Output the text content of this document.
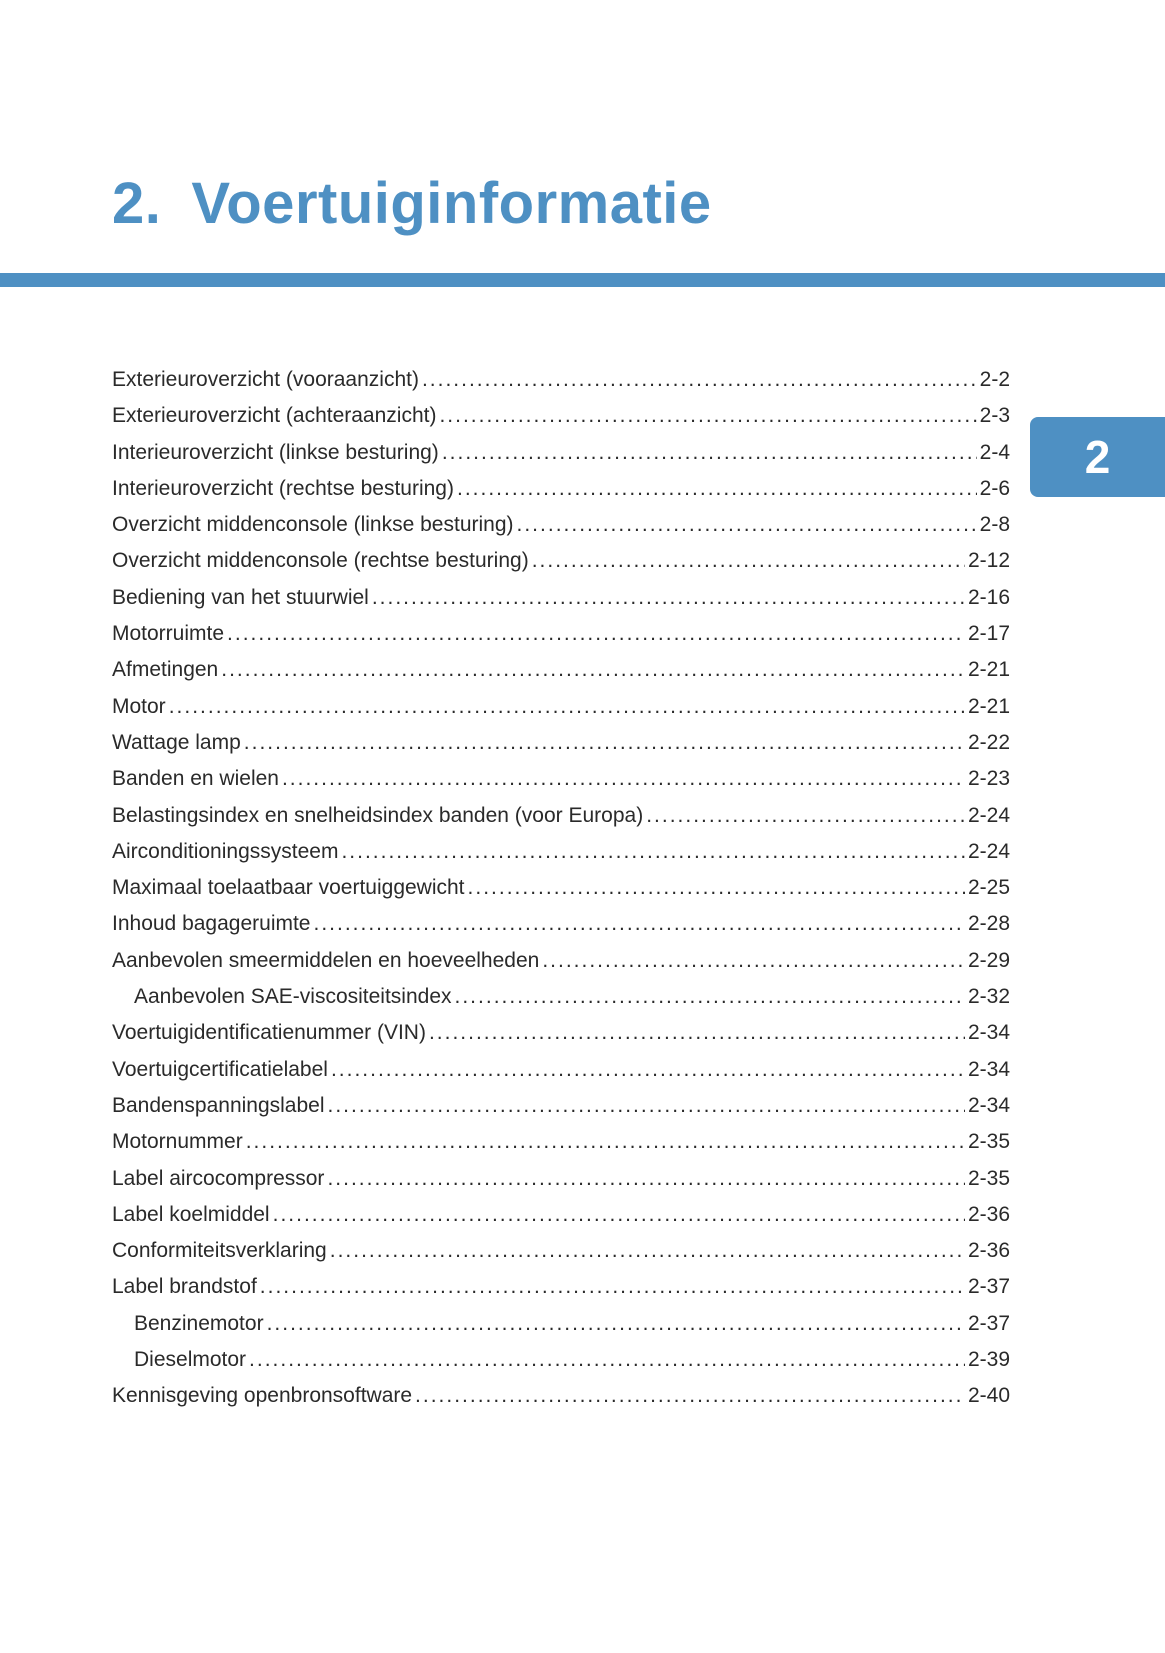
2. Voertuiginformatie
2
Exterieuroverzicht (vooraanzicht) .....	2-2
Exterieuroverzicht (achteraanzicht) .....	2-3
Interieuroverzicht (linkse besturing) .....	2-4
Interieuroverzicht (rechtse besturing) .....	2-6
Overzicht middenconsole (linkse besturing) .....	2-8
Overzicht middenconsole (rechtse besturing) .....	2-12
Bediening van het stuurwiel .....	2-16
Motorruimte .....	2-17
Afmetingen .....	2-21
Motor .....	2-21
Wattage lamp .....	2-22
Banden en wielen .....	2-23
Belastingsindex en snelheidsindex banden (voor Europa) .....	2-24
Airconditioningssysteem .....	2-24
Maximaal toelaatbaar voertuiggewicht .....	2-25
Inhoud bagageruimte .....	2-28
Aanbevolen smeermiddelen en hoeveelheden .....	2-29
Aanbevolen SAE-viscositeitsindex .....	2-32
Voertuigidentificatienummer (VIN) .....	2-34
Voertuigcertificatielabel .....	2-34
Bandenspanningslabel .....	2-34
Motornummer .....	2-35
Label aircocompressor .....	2-35
Label koelmiddel .....	2-36
Conformiteitsverklaring .....	2-36
Label brandstof .....	2-37
Benzinemotor .....	2-37
Dieselmotor .....	2-39
Kennisgeving openbronsoftware .....	2-40
